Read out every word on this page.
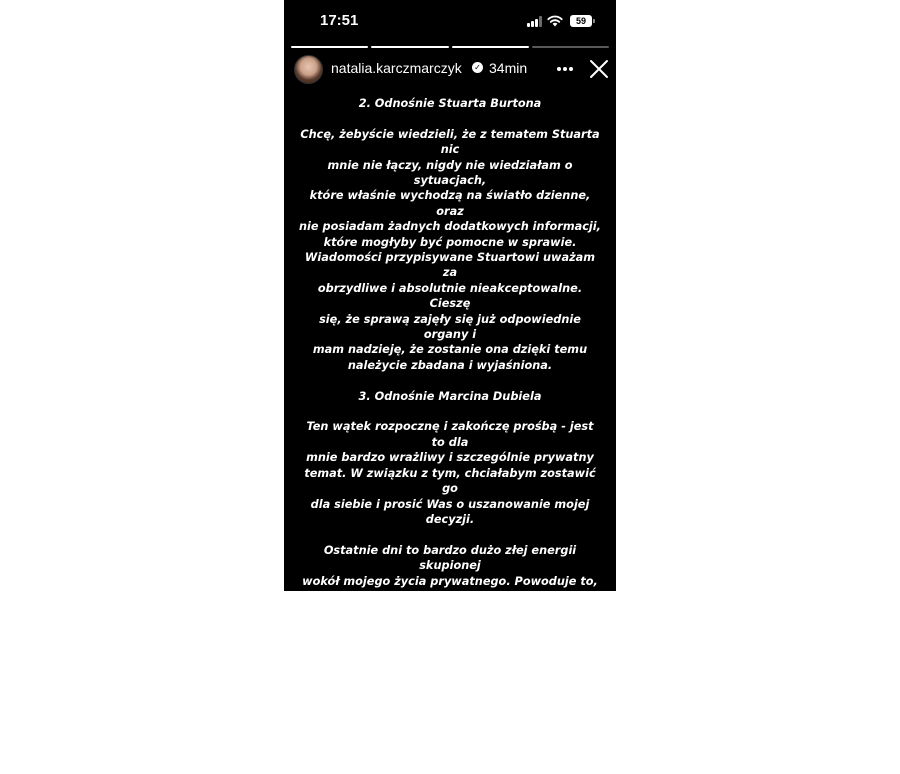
17:51	59
natalia.karczmarczyk ✓ 34min

2. Odnośnie Stuarta Burtona

Chcę, żebyście wiedzieli, że z tematem Stuarta nic

mnie nie łączy, nigdy nie wiedziałam o sytuacjach,

które właśnie wychodzą na światło dzienne, oraz

nie posiadam żadnych dodatkowych informacji,

które mogłyby być pomocne w sprawie.

Wiadomości przypisywane Stuartowi uważam za

obrzydliwe i absolutnie nieakceptowalne. Cieszę

się, że sprawą zajęły się już odpowiednie organy i

mam nadzieję, że zostanie ona dzięki temu

należycie zbadana i wyjaśniona.

3. Odnośnie Marcina Dubiela

Ten wątek rozpocznę i zakończę prośbą - jest to dla

mnie bardzo wrażliwy i szczególnie prywatny

temat. W związku z tym, chciałabym zostawić go

dla siebie i prosić Was o uszanowanie mojej

decyzji.

Ostatnie dni to bardzo dużo złej energii skupionej

wokół mojego życia prywatnego. Powoduje to, że

nie jestem w stanie normalnie funkcjonować. Moje

kolejne kroki będę więc kierowała ku powrotowi

do normalności, choć nie będzie to łatwe. Liczę

jednak na to, że są tu osoby, które zostaną ze mną

w tych trudnych chwilach.

Mam też nadzieję, że z czasem będziemy mogli

powiedzieć, że w całej tej sprawie,

sprawiedliwości stało się zadość.
